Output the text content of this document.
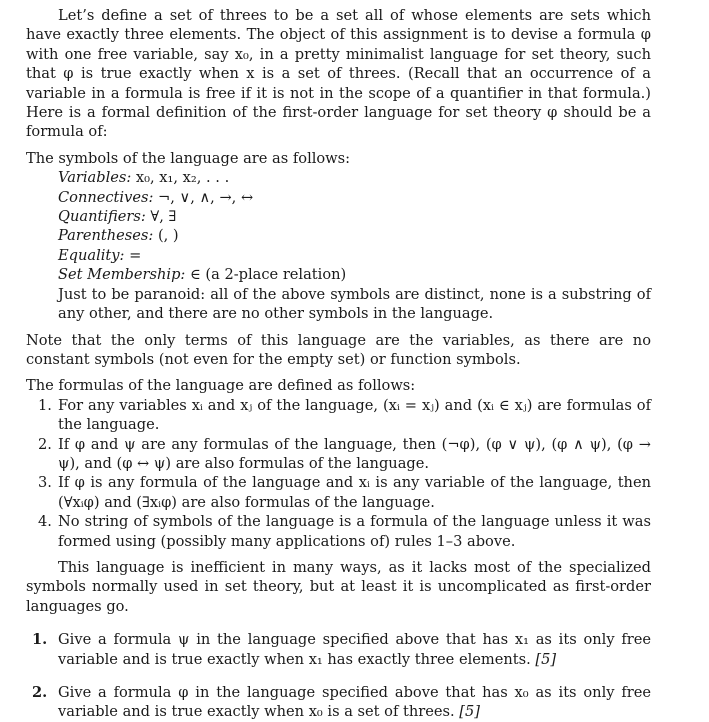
Let’s define a set of threes to be a set all of whose elements are sets which have exactly three elements. The object of this assignment is to devise a formula φ with one free variable, say x₀, in a pretty minimalist language for set theory, such that φ is true exactly when x is a set of threes. (Recall that an occurrence of a variable in a formula is free if it is not in the scope of a quantifier in that formula.) Here is a formal definition of the first-order language for set theory φ should be a formula of:

The symbols of the language are as follows:

Variables: x₀, x₁, x₂, . . .
Connectives: ¬, ∨, ∧, →, ↔
Quantifiers: ∀, ∃
Parentheses: (, )
Equality: =
Set Membership: ∈ (a 2-place relation)

Just to be paranoid: all of the above symbols are distinct, none is a substring of any other, and there are no other symbols in the language.

Note that the only terms of this language are the variables, as there are no constant symbols (not even for the empty set) or function symbols.

The formulas of the language are defined as follows:

1. For any variables xᵢ and xⱼ of the language, (xᵢ = xⱼ) and (xᵢ ∈ xⱼ) are formulas of the language.
2. If φ and ψ are any formulas of the language, then (¬φ), (φ ∨ ψ), (φ ∧ ψ), (φ → ψ), and (φ ↔ ψ) are also formulas of the language.
3. If φ is any formula of the language and xᵢ is any variable of the language, then (∀xᵢφ) and (∃xᵢφ) are also formulas of the language.
4. No string of symbols of the language is a formula of the language unless it was formed using (possibly many applications of) rules 1–3 above.

This language is inefficient in many ways, as it lacks most of the specialized symbols normally used in set theory, but at least it is uncomplicated as first-order languages go.

1. Give a formula ψ in the language specified above that has x₁ as its only free variable and is true exactly when x₁ has exactly three elements. [5]
2. Give a formula φ in the language specified above that has x₀ as its only free variable and is true exactly when x₀ is a set of threes. [5]
